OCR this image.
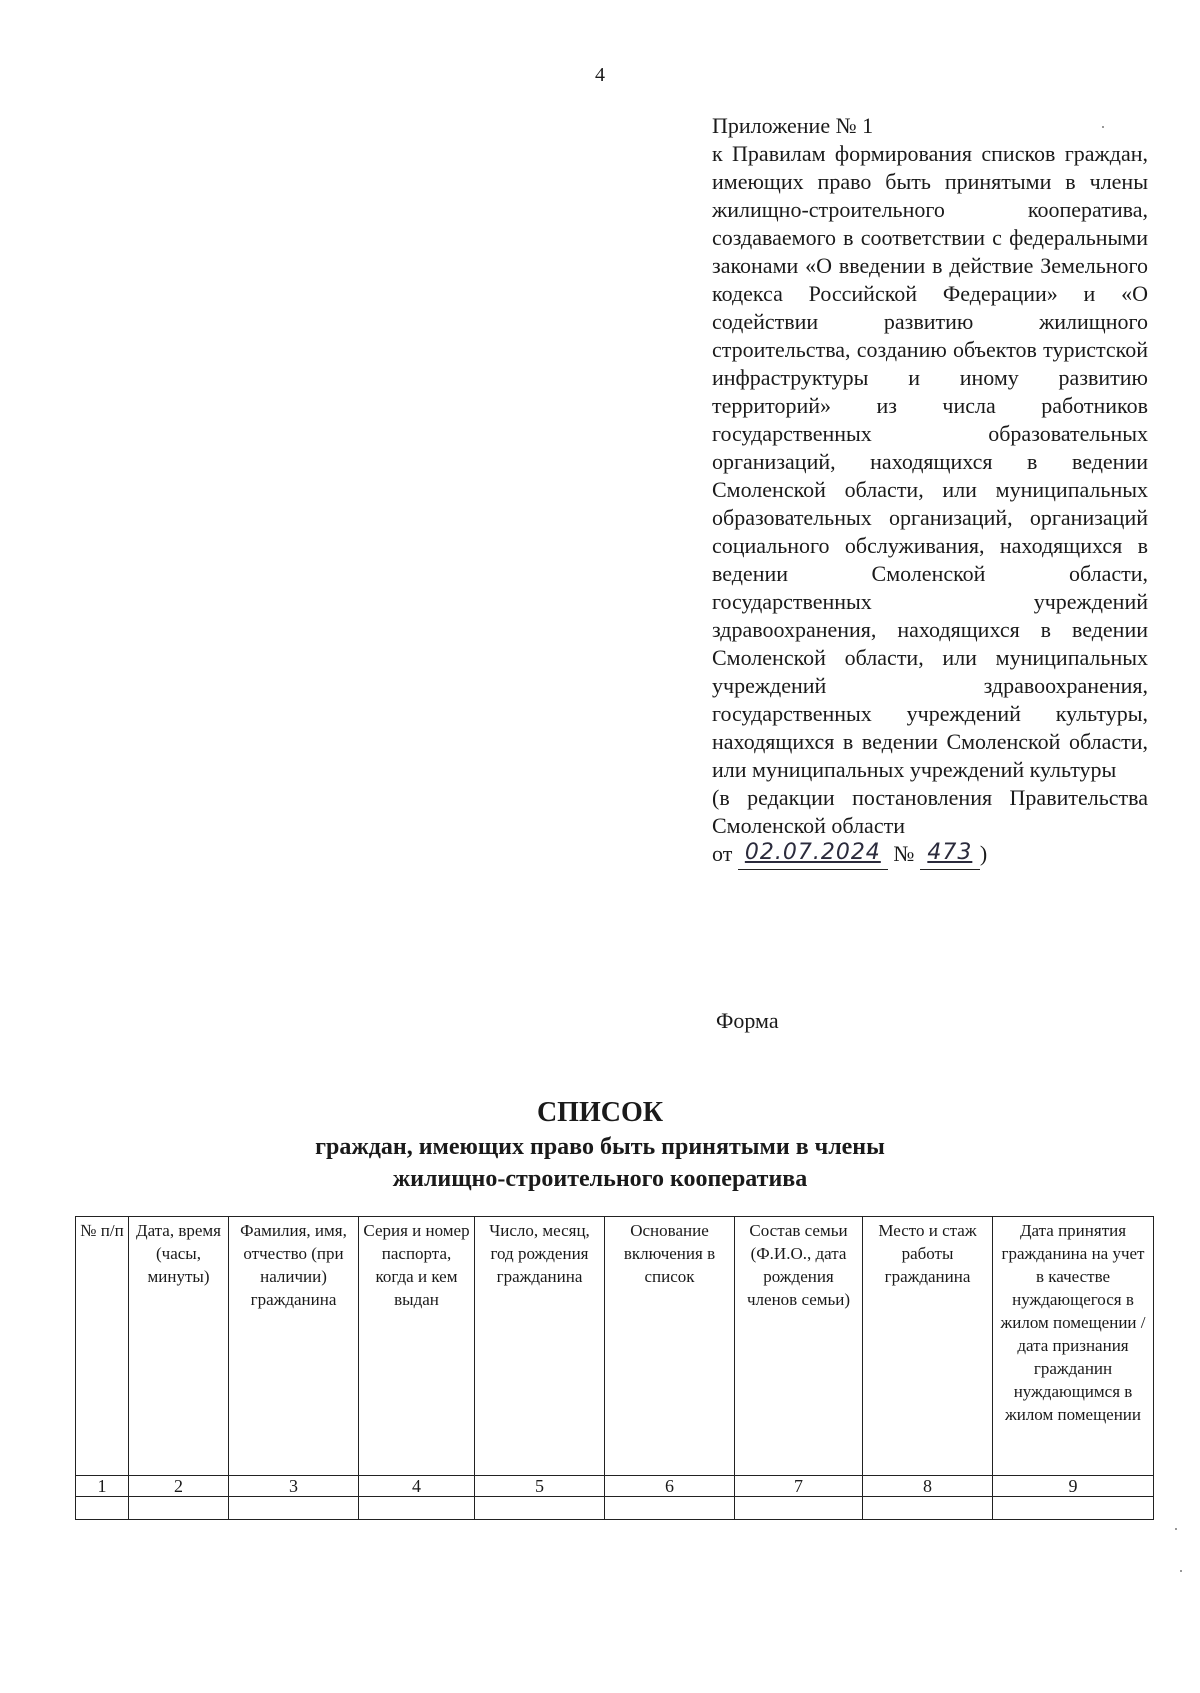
4
Приложение № 1
к Правилам формирования списков граждан, имеющих право быть принятыми в члены жилищно-строительного кооператива, создаваемого в соответствии с федеральными законами «О введении в действие Земельного кодекса Российской Федерации» и «О содействии развитию жилищного строительства, созданию объектов туристской инфраструктуры и иному развитию территорий» из числа работников государственных образовательных организаций, находящихся в ведении Смоленской области, или муниципальных образовательных организаций, организаций социального обслуживания, находящихся в ведении Смоленской области, государственных учреждений здравоохранения, находящихся в ведении Смоленской области, или муниципальных учреждений здравоохранения, государственных учреждений культуры, находящихся в ведении Смоленской области, или муниципальных учреждений культуры
(в редакции постановления Правительства Смоленской области
от 02.07.2024 № 473 )
Форма
СПИСОК
граждан, имеющих право быть принятыми в члены
жилищно-строительного кооператива
№ п/п	Дата, время (часы, минуты)	Фамилия, имя, отчество (при наличии) гражданина	Серия и номер паспорта, когда и кем выдан	Число, месяц, год рождения гражданина	Основание включения в список	Состав семьи (Ф.И.О., дата рождения членов семьи)	Место и стаж работы гражданина	Дата принятия гражданина на учет в качестве нуждающегося в жилом помещении / дата признания гражданин нуждающимся в жилом помещении
1	2	3	4	5	6	7	8	9
